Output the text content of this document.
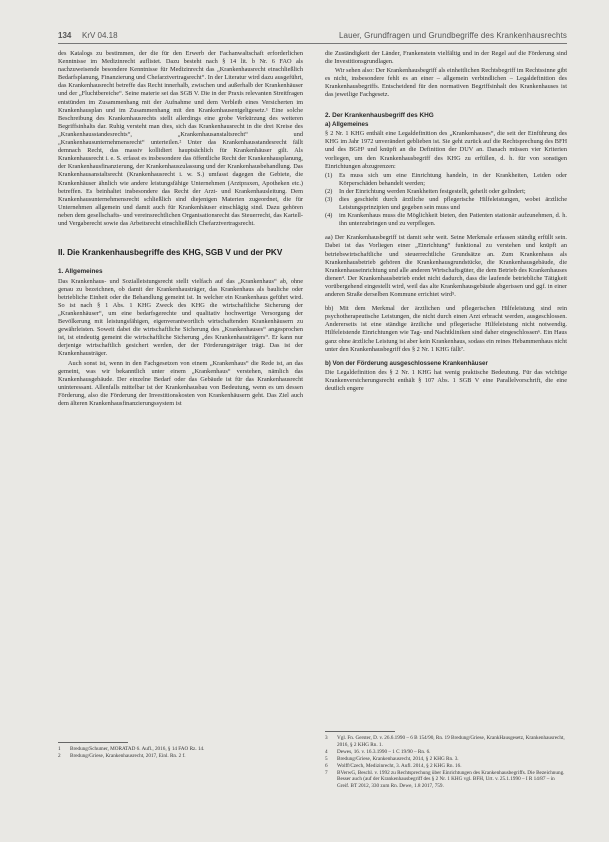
134 KrV 04.18	Lauer, Grundfragen und Grundbegriffe des Krankenhausrechts

des Katalogs zu bestimmen, der die für den Erwerb der Fachanwaltschaft erforderlichen Kenntnisse im Medizinrecht auflistet. Dazu besteht nach § 14 lit. b Nr. 6 FAO als nachzuweisende besondere Kenntnisse für Medizinrecht das „Krankenhausrecht einschließlich Bedarfsplanung, Finanzierung und Chefarztvertragsrecht“. In der Literatur wird dazu ausgeführt, das Krankenhausrecht betreffe das Recht innerhalb, zwischen und außerhalb der Krankenhäuser und der „Fluchtbereiche“. Seine materie sei das SGB V. Die in der Praxis relevanten Streitfragen entstünden im Zusammenhang mit der Aufnahme und dem Verbleib eines Versicherten im Krankenhausplan und im Zusammenhang mit den Krankenhausentgeltgesetz.¹ Eine solche Beschreibung des Krankenhausrechts stellt allerdings eine grobe Verkürzung des weiteren Begriffsinhalts dar. Ruhig versteht man dies, sich das Krankenhausrecht in die drei Kreise des „Krankenhausstandesrechts“, „Krankenhausanstaltsrecht“ und „Krankenhausunternehmensrecht“ unterteilen.² Unter das Krankenhausstandesrecht fällt demnach Recht, das massiv kollidiert hauptsächlich für Krankenhäuser gilt. Als Krankenhausrecht i. e. S. erfasst es insbesondere das öffentliche Recht der Krankenhausplanung, der Krankenhausfinanzierung, der Krankenhauszulassung und der Krankenhausbehandlung. Das Krankenhausanstaltsrecht (Krankenhausrecht i. w. S.) umfasst dagegen die Gebiete, die Krankenhäuser ähnlich wie andere leistungsfähige Unternehmen (Arztpraxen, Apotheken etc.) betreffen. Es beinhaltet insbesondere das Recht der Arzt- und Krankenhausleitung. Dem Krankenhausunternehmensrecht schließlich sind diejenigen Materien zugeordnet, die für Unternehmen allgemein und damit auch für Krankenhäuser einschlägig sind. Dazu gehören neben dem gesellschafts- und vereinsrechtlichen Organisationsrecht das Steuerrecht, das Kartell- und Vergaberecht sowie das Arbeitsrecht einschließlich Chefarztvertragsrecht.

II. Die Krankenhausbegriffe des KHG, SGB V und der PKV
1. Allgemeines

Das Krankenhaus- und Sozialleistungsrecht stellt vielfach auf das „Krankenhaus“ ab, ohne genau zu bezeichnen, ob damit der Krankenhausträger, das Krankenhaus als bauliche oder betriebliche Einheit oder die Behandlung gemeint ist. In welcher ein Krankenhaus geführt wird. So ist nach § 1 Abs. 1 KHG Zweck des KHG die wirtschaftliche Sicherung der „Krankenhäuser“, um eine bedarfsgerechte und qualitativ hochwertige Versorgung der Bevölkerung mit leistungsfähigen, eigenverantwortlich wirtschaftenden Krankenhäusern zu gewährleisten. Soweit dabei die wirtschaftliche Sicherung des „Krankenhauses“ angesprochen ist, ist eindeutig gemeint die wirtschaftliche Sicherung „des Krankenhausträgers“. Er kann nur derjenige wirtschaftlich gesichert werden, der der Förderungsträger trägt. Das ist der Krankenhausträger.

Auch sonst ist, wenn in den Fachgesetzen von einem „Krankenhaus“ die Rede ist, an das gemeint, was wir bekanntlich unter einem „Krankenhaus“ verstehen, nämlich das Krankenhausgebäude. Der einzelne Bedarf oder das Gebäude ist für das Krankenhausrecht uninteressant. Allenfalls mittelbar ist der Krankenhausbau von Bedeutung, wenn es um dessen Förderung, also die Förderung der Investitionskosten von Krankenhäusern geht. Das Ziel auch dem älteren Krankenhausfinanzierungssystem ist

1 Bredung/Schumer, MORATAD 6. Aufl., 2016, § 14 FAO Rz. 14.
2 Bredung/Griese, Krankenhausrecht, 2017, Einl. Rn. 2 f.

die Zuständigkeit der Länder, Frankenstein vielfältig und in der Regel auf die Förderung sind die Investitionsgrundlagen.

Wir sehen also: Der Krankenhausbegriff als einheitlichen Rechtsbegriff im Rechtssinne gibt es nicht, insbesondere fehlt es an einer – allgemein verbindlichen – Legaldefinition des Krankenhausbegriffs. Entscheidend für den normativen Begriffsinhalt des Krankenhauses ist das jeweilige Fachgesetz.

2. Der Krankenhausbegriff des KHG
a) Allgemeines

§ 2 Nr. 1 KHG enthält eine Legaldefinition des „Krankenhauses“, die seit der Einführung des KHG im Jahr 1972 unverändert geblieben ist. Sie geht zurück auf die Rechtsprechung des BFH und des BGH³ und knüpft an die Definition der DUV an. Danach müssen vier Kriterien vorliegen, um den Krankenhausbegriff des KHG zu erfüllen, d. h. für von sonstigen Einrichtungen abzugrenzen:

(1) Es muss sich um eine Einrichtung handeln, in der Krankheiten, Leiden oder Körperschäden behandelt werden;
(2) In der Einrichtung werden Krankheiten festgestellt, geheilt oder gelindert;
(3) dies geschieht durch ärztliche und pflegerische Hilfeleistungen, wobei ärztliche Leistungsprinzipien und gegeben sein muss und
(4) im Krankenhaus muss die Möglichkeit bieten, den Patienten stationär aufzunehmen, d. h. ihn unterzubringen und zu verpflegen.

aa) Der Krankenhausbegriff ist damit sehr weit. Seine Merkmale erfassen ständig erfüllt sein. Dabei ist das Vorliegen einer „Einrichtung“ funktional zu verstehen und knüpft an betriebswirtschaftliche und steuerrechtliche Grundsätze an. Zum Krankenhaus als Krankenhausbetrieb gehören die Krankenhausgrundstücke, die Krankenhausgebäude, die Krankenhauseinrichtung und alle anderen Wirtschaftsgüter, die dem Betrieb des Krankenhauses dienen⁴. Der Krankenhausbetrieb endet nicht dadurch, dass die laufende betriebliche Tätigkeit vorübergehend eingestellt wird, weil das alte Krankenhausgebäude abgerissen und ggf. in einer anderen Straße derselben Kommune errichtet wird⁵.

bb) Mit dem Merkmal der ärztlichen und pflegerischen Hilfeleistung sind rein psychotherapeutische Leistungen, die nicht durch einen Arzt erbracht werden, ausgeschlossen. Andererseits ist eine ständige ärztliche und pflegerische Hilfeleistung nicht notwendig. Hilfeleistende Einrichtungen wie Tag- und Nachtkliniken sind daher eingeschlossen⁶. Ein Haus ganz ohne ärztliche Leistung ist aber kein Krankenhaus, sodass ein reines Hebammenhaus nicht unter den Krankenhausbegriff des § 2 Nr. 1 KHG fällt⁷.

b) Von der Förderung ausgeschlossene Krankenhäuser

Die Legaldefinition des § 2 Nr. 1 KHG hat wenig praktische Bedeutung. Für das wichtige Krankenversicherungsrecht enthält § 107 Abs. 1 SGB V eine Parallelvorschrift, die eine deutlich engere

3 Vgl. Fn. Gerster, D. v. 26.6.1990 – 6 B 154/90, Rn. 19 Bredung/Griese, KrankHausgesetz, Krankenhausrecht, 2016, § 2 KHG Rn. 1.
4 Dewes, 16. v. 16.3.1990 – 1 C 19/90 – Rn. 6.
5 Bredung/Griese, Krankenhausrecht, 2014, § 2 KHG Rn. 3.
6 Wolff/Czech, Medizinrecht, 3. Aufl. 2014, § 2 KHG Rn. 16.
7 BVerwG, Beschl. v. 1992 zu Rechtsprechung über Einrichtungen des Krankenhausbegriffs. Die Bezeichnung. Besser auch (auf der Krankenhausbegriff des § 2 Nr. 1 KHG vgl. BFH, Urt. v. 25.1.1990 – I R 14/87 – in Greif. BT 2012, 330 zum Rn. Dewe, 1.8 2017, 759.
